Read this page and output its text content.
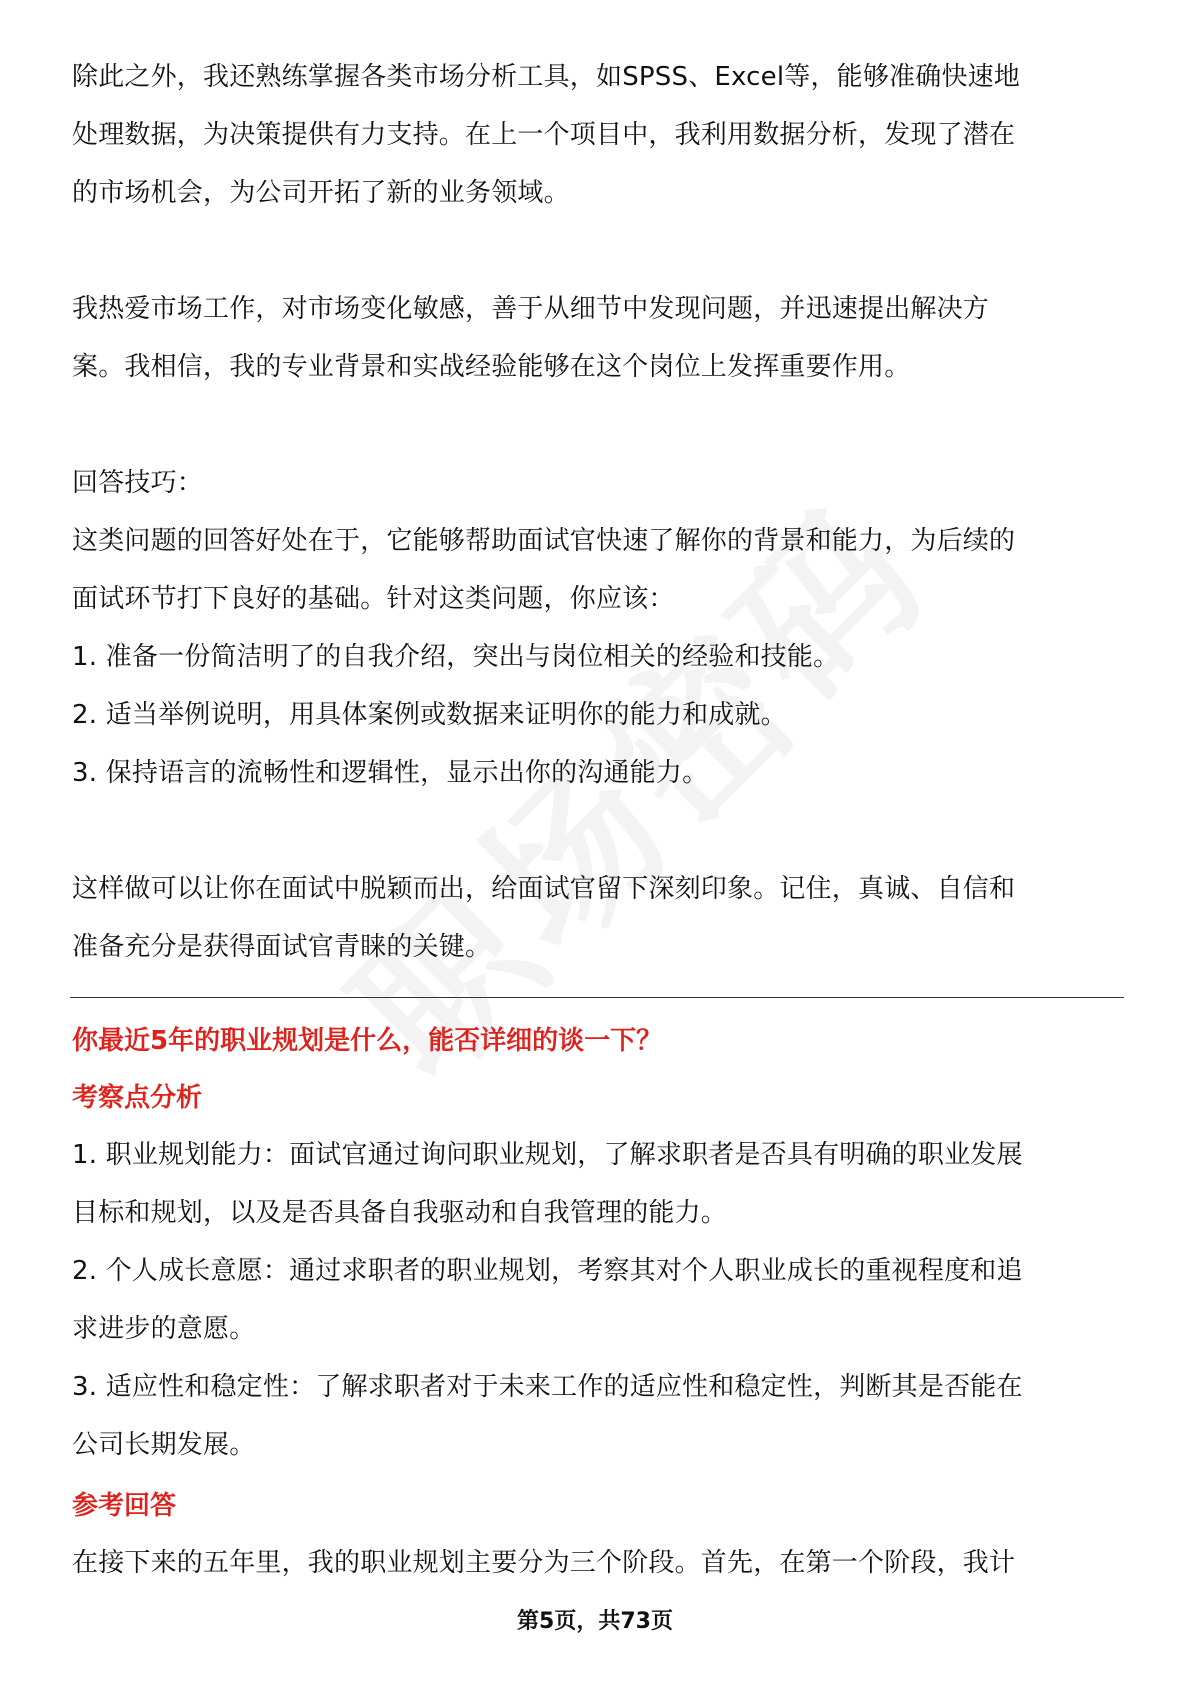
除此之外，我还熟练掌握各类市场分析工具，如SPSS、Excel等，能够准确快速地

处理数据，为决策提供有力支持。在上一个项目中，我利用数据分析，发现了潜在

的市场机会，为公司开拓了新的业务领域。

我热爱市场工作，对市场变化敏感，善于从细节中发现问题，并迅速提出解决方

案。我相信，我的专业背景和实战经验能够在这个岗位上发挥重要作用。

回答技巧：

这类问题的回答好处在于，它能够帮助面试官快速了解你的背景和能力，为后续的

面试环节打下良好的基础。针对这类问题，你应该：

1. 准备一份简洁明了的自我介绍，突出与岗位相关的经验和技能。

2. 适当举例说明，用具体案例或数据来证明你的能力和成就。

3. 保持语言的流畅性和逻辑性，显示出你的沟通能力。

这样做可以让你在面试中脱颖而出，给面试官留下深刻印象。记住，真诚、自信和

准备充分是获得面试官青睐的关键。

你最近5年的职业规划是什么，能否详细的谈一下？

考察点分析

1. 职业规划能力：面试官通过询问职业规划，了解求职者是否具有明确的职业发展

目标和规划，以及是否具备自我驱动和自我管理的能力。

2. 个人成长意愿：通过求职者的职业规划，考察其对个人职业成长的重视程度和追

求进步的意愿。

3. 适应性和稳定性：了解求职者对于未来工作的适应性和稳定性，判断其是否能在

公司长期发展。

参考回答

在接下来的五年里，我的职业规划主要分为三个阶段。首先，在第一个阶段，我计

第5页，共73页
